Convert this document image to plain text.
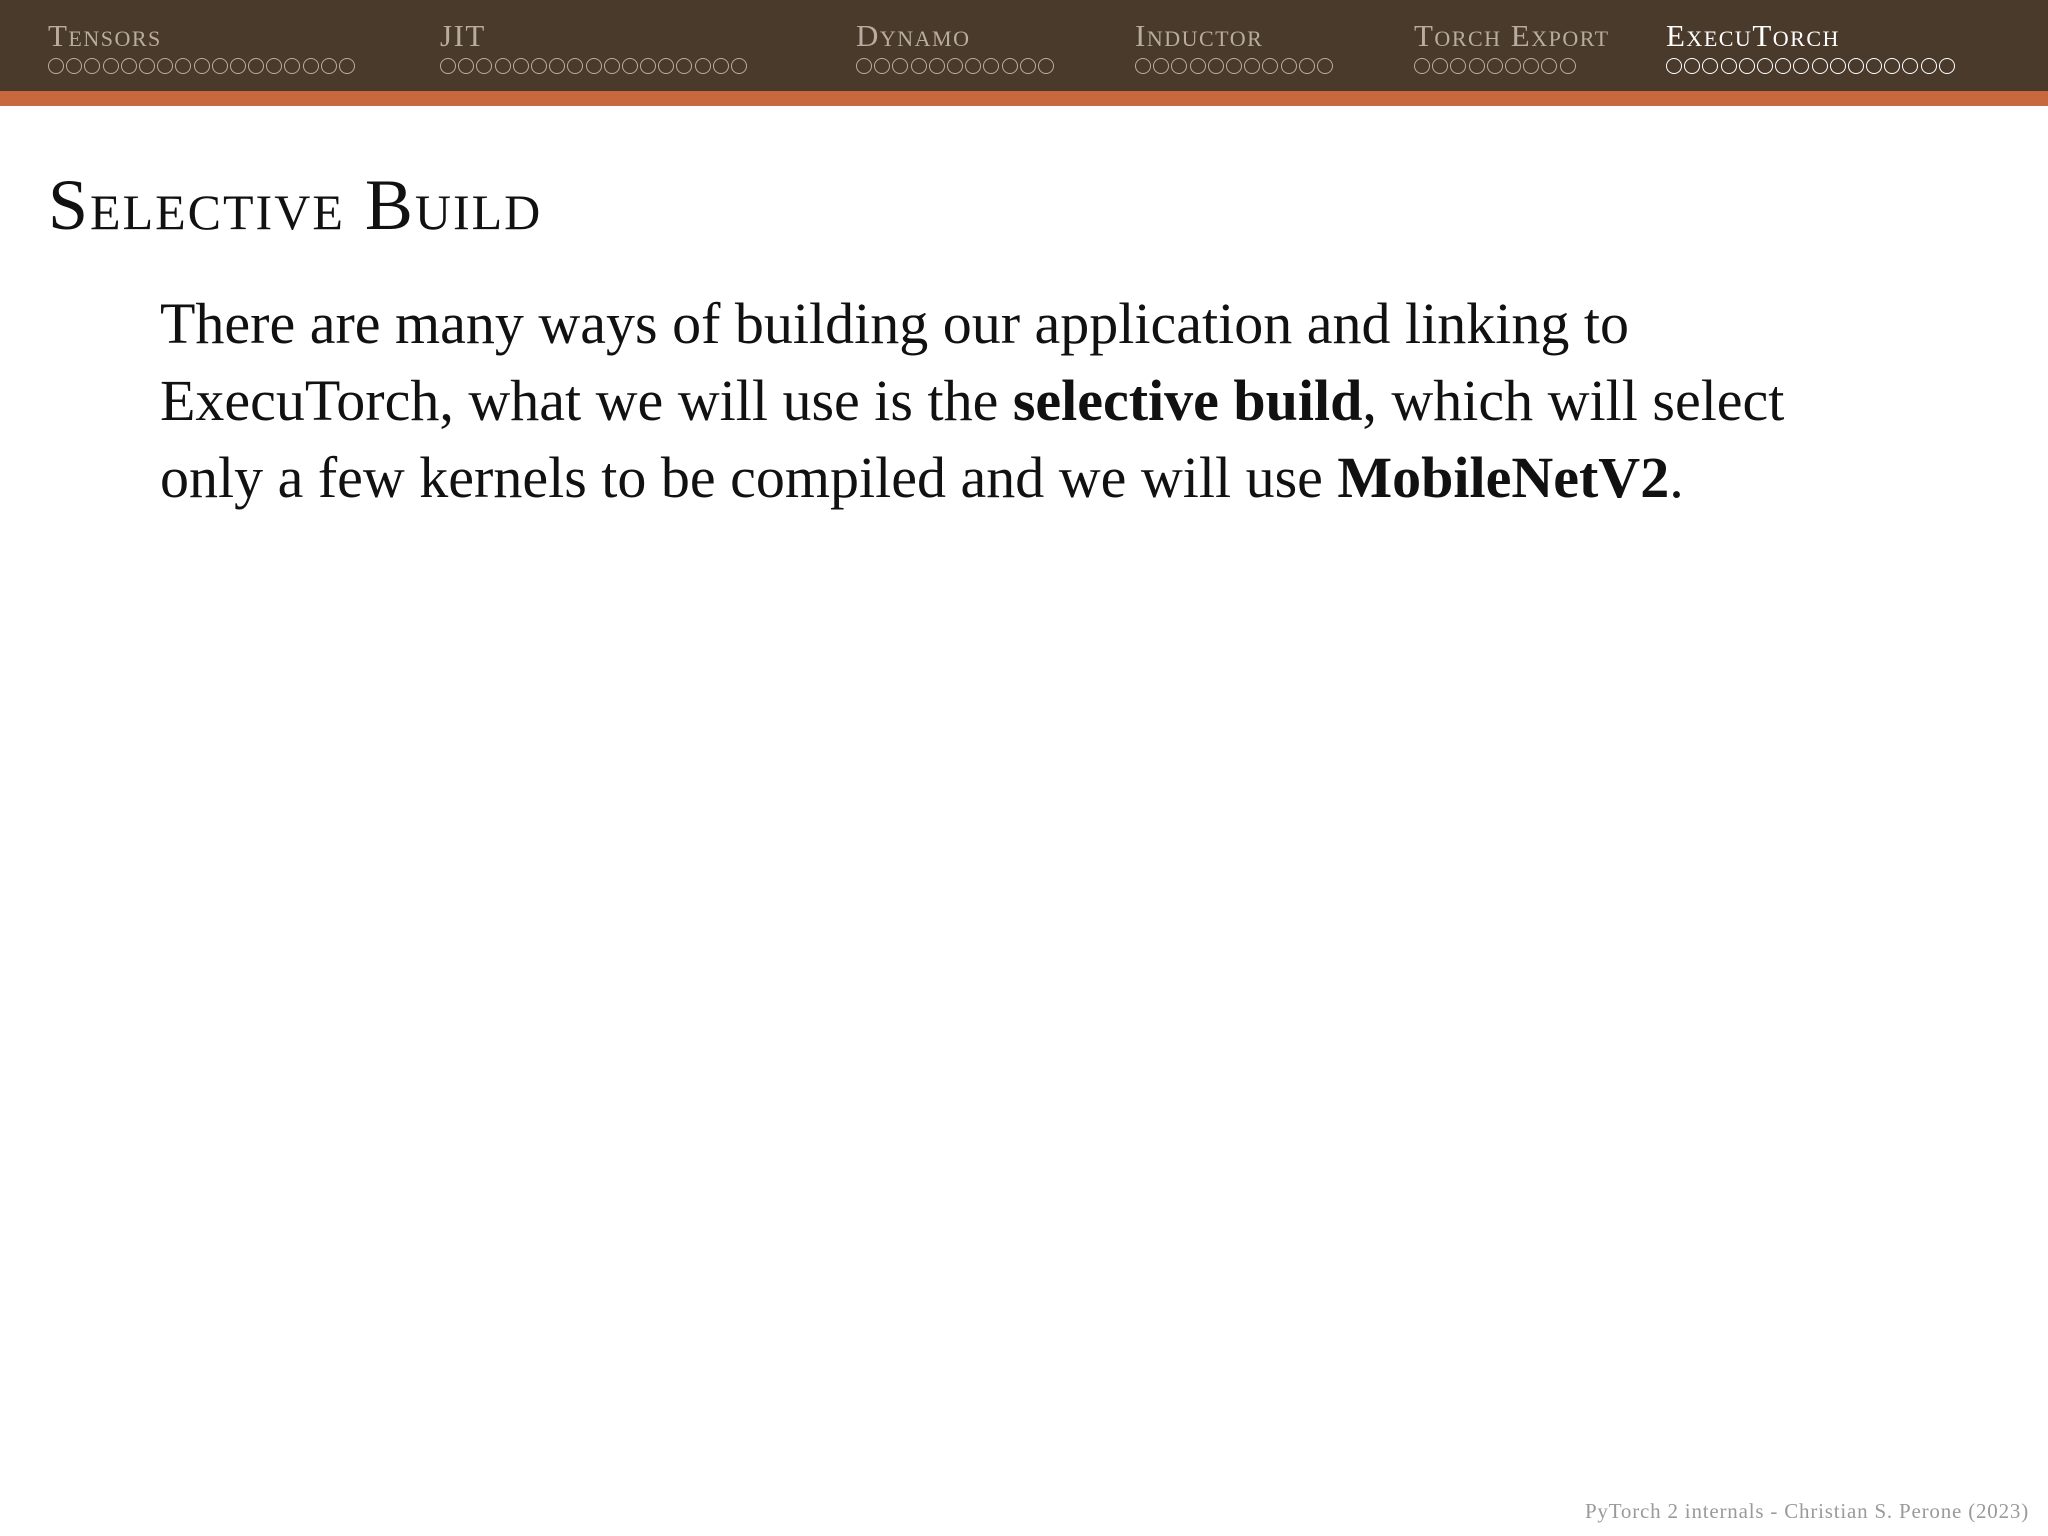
Tensors	JIT	Dynamo	Inductor	Torch Export ExecuTorch
Selective Build

There are many ways of building our application and linking to ExecuTorch, what we will use is the selective build, which will select only a few kernels to be compiled and we will use MobileNetV2.

PyTorch 2 internals - Christian S. Perone (2023)
